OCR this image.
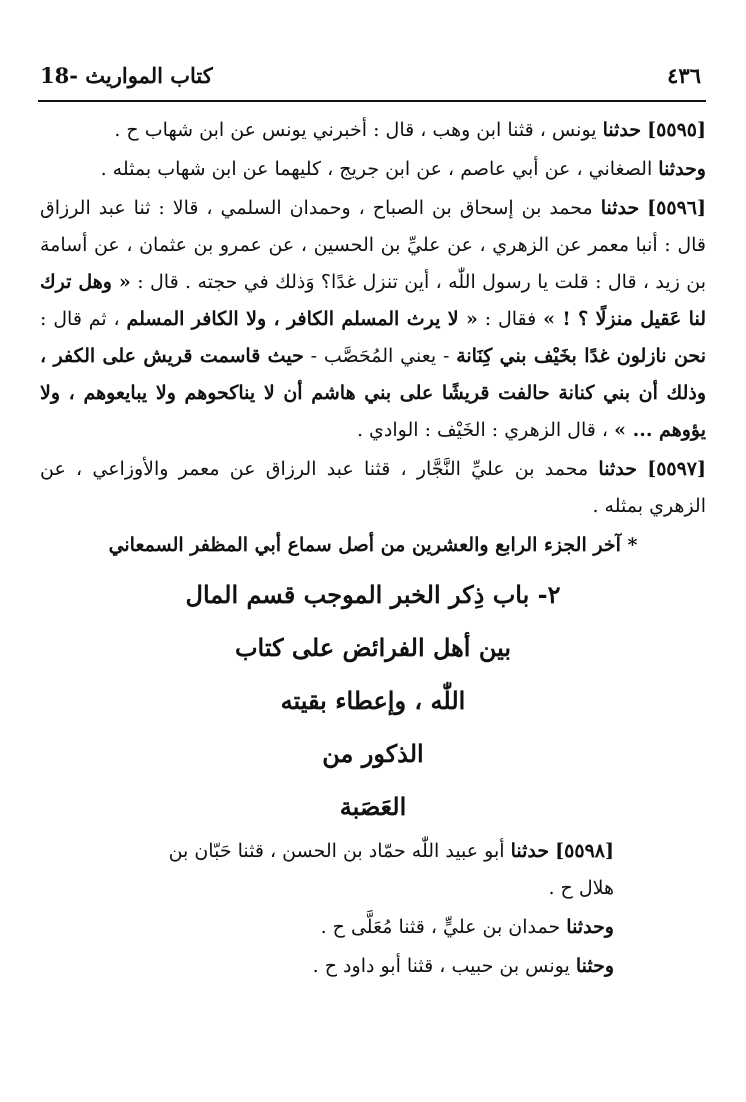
18- كتاب المواريث	٤٣٦

[٥٥٩٥] حدثنا يونس ، قثنا ابن وهب ، قال : أخبرني يونس عن ابن شهاب ح .

وحدثنا الصغاني ، عن أبي عاصم ، عن ابن جريج ، كليهما عن ابن شهاب بمثله .

[٥٥٩٦] حدثنا محمد بن إسحاق بن الصباح ، وحمدان السلمي ، قالا : ثنا عبد الرزاق قال : أنبا معمر عن الزهري ، عن عليِّ بن الحسين ، عن عمرو بن عثمان ، عن أسامة بن زيد ، قال : قلت يا رسول اللّٰه ، أين تنزل غدًا؟ وَذلك في حجته . قال : « وهل ترك لنا عَقيل منزلًا ؟ ! » فقال : « لا يرث المسلم الكافر ، ولا الكافر المسلم ، ثم قال : نحن نازلون غدًا بخَيْف بني كِنَانة - يعني المُحَصَّب - حيث قاسمت قريش على الكفر ، وذلك أن بني كنانة حالفت قريشًا على بني هاشم أن لا يناكحوهم ولا يبايعوهم ، ولا يؤوهم ... » ، قال الزهري : الخَيْف : الوادي .

[٥٥٩٧] حدثنا محمد بن عليِّ النَّجَّار ، قثنا عبد الرزاق عن معمر والأوزاعي ، عن الزهري بمثله .

* آخر الجزء الرابع والعشرين من أصل سماع أبي المظفر السمعاني
٢- باب ذِكر الخبر الموجب قسم المال
بين أهل الفرائض على كتاب
اللّٰه ، وإعطاء بقيته
الذكور من
العَصَبة

[٥٥٩٨] حدثنا أبو عبيد اللّٰه حمّاد بن الحسن ، قثنا حَبّان بن هلال ح .

وحدثنا حمدان بن عليٍّ ، قثنا مُعَلَّى ح .

وحثنا يونس بن حبيب ، قثنا أبو داود ح .
